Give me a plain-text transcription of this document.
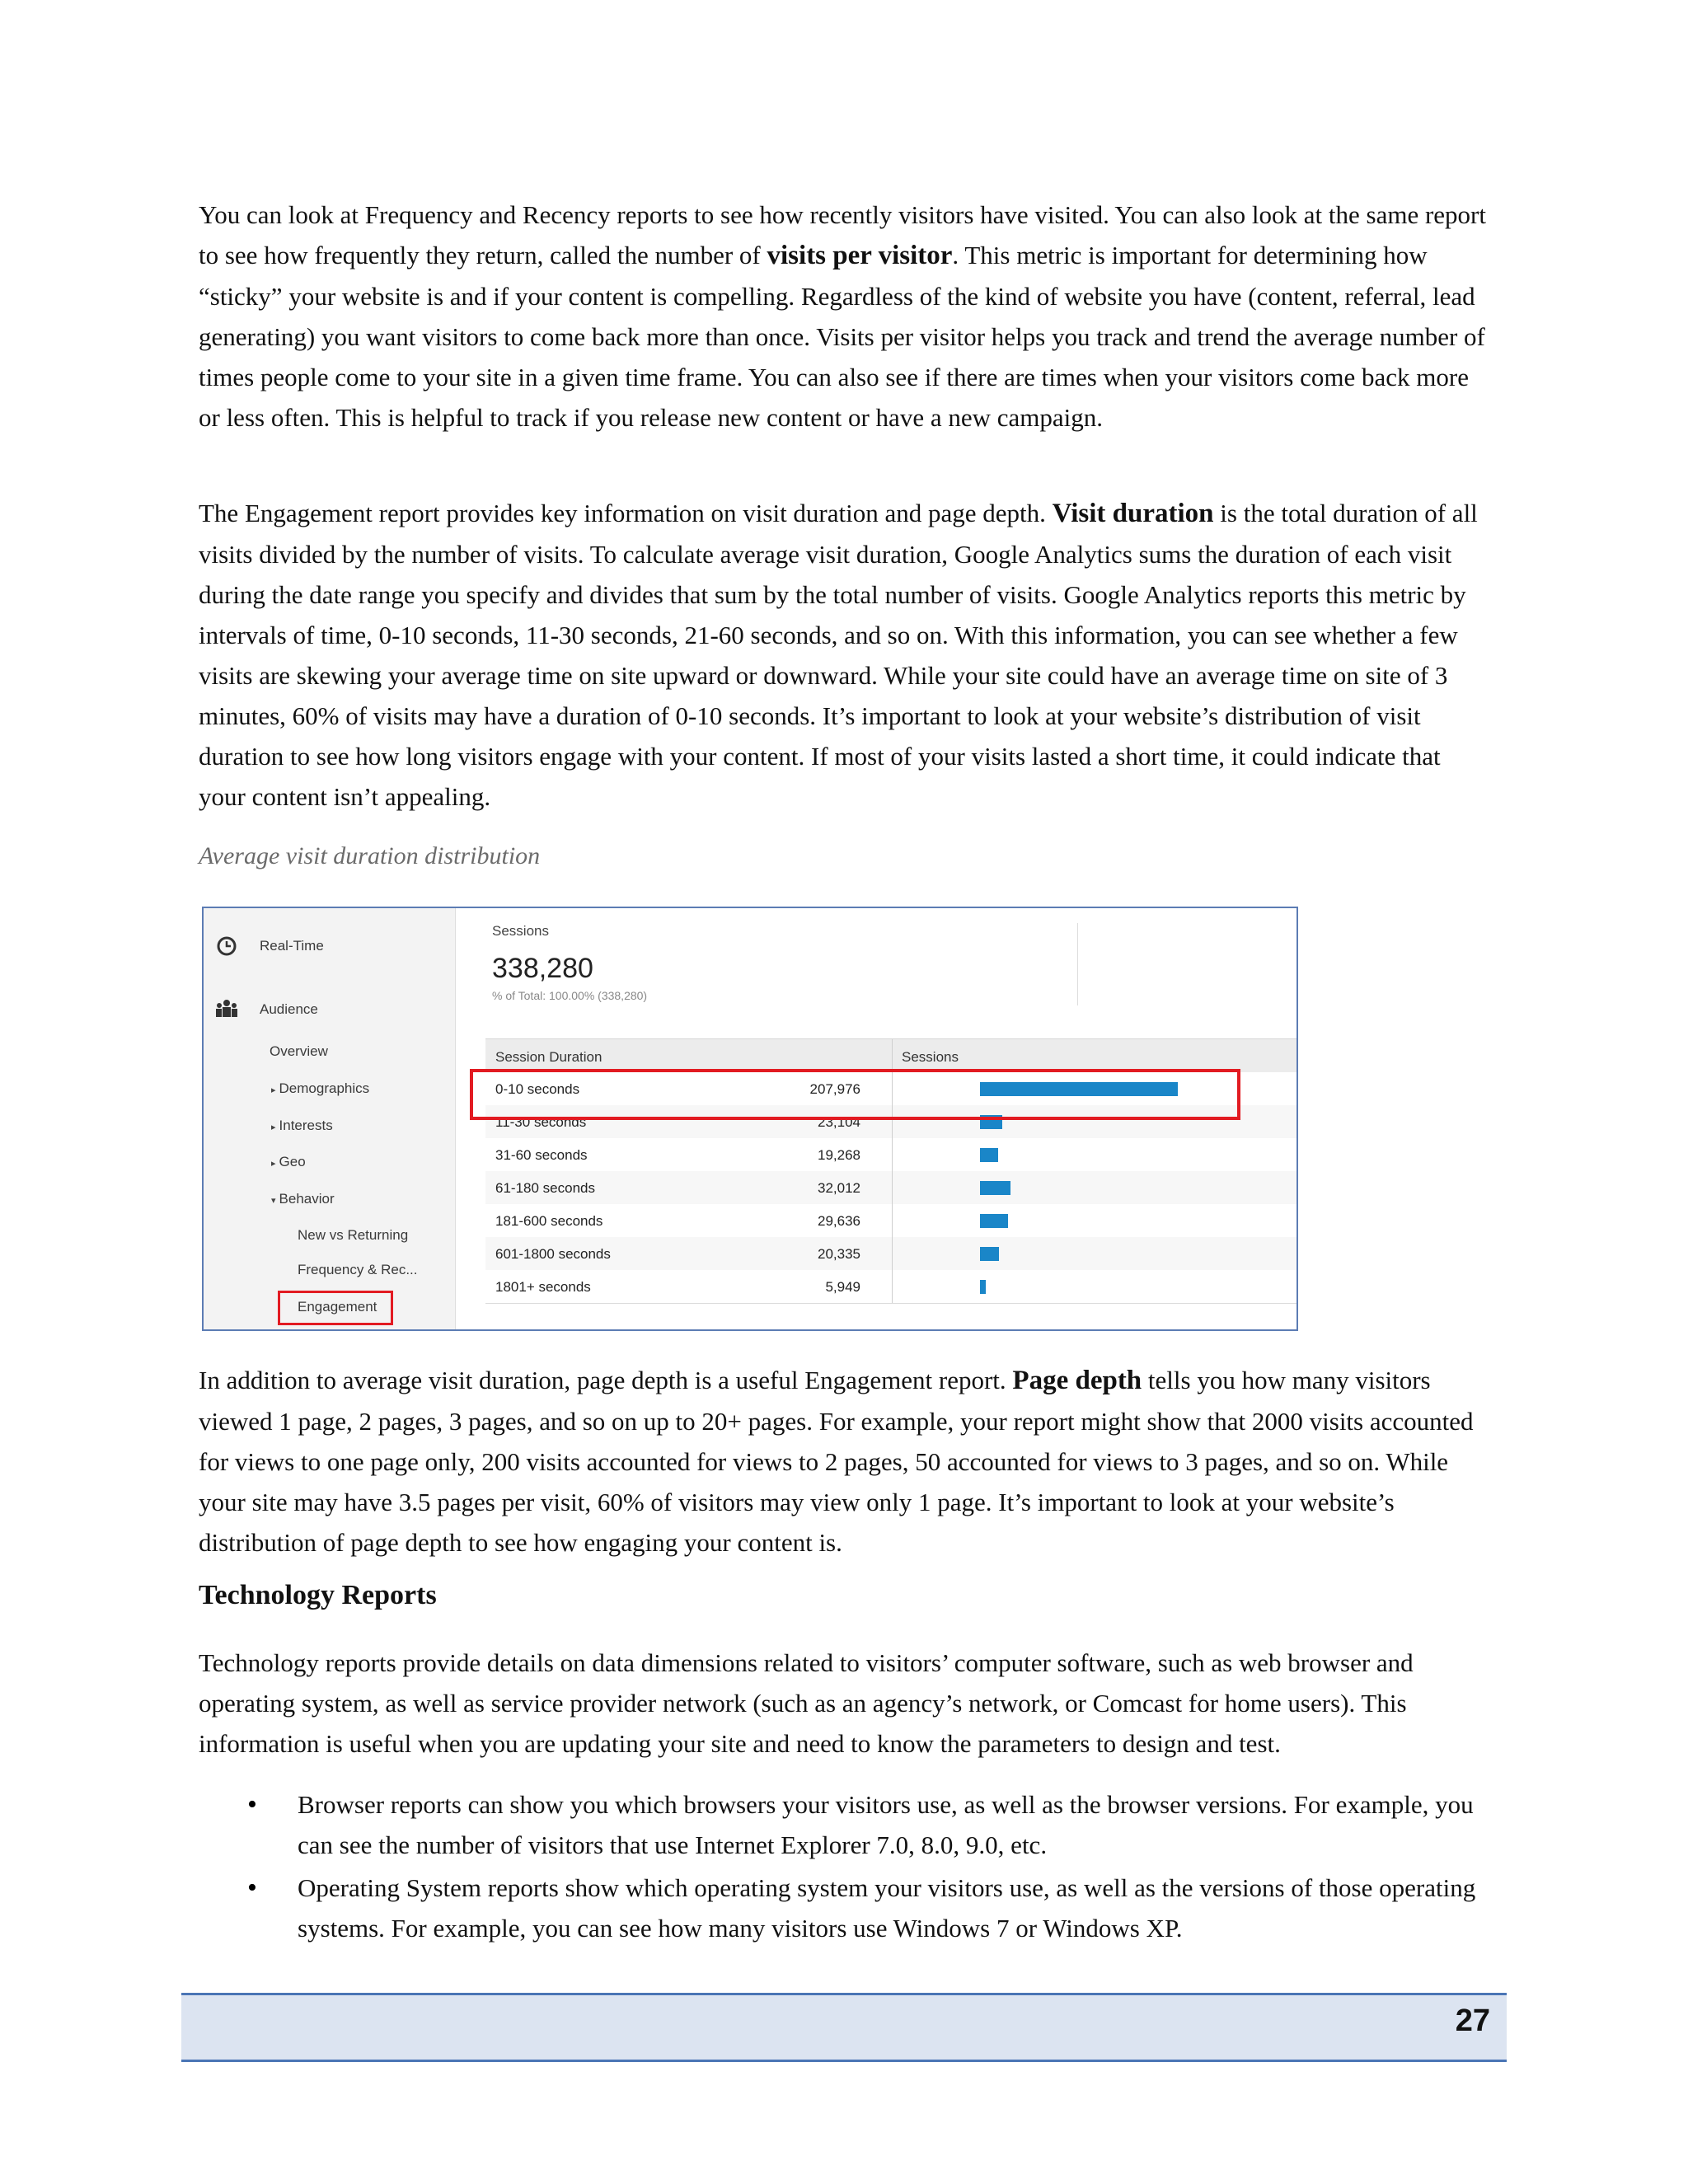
You can look at Frequency and Recency reports to see how recently visitors have visited. You can also look at the same report to see how frequently they return, called the number of visits per visitor. This metric is important for determining how “sticky” your website is and if your content is compelling. Regardless of the kind of website you have (content, referral, lead generating) you want visitors to come back more than once. Visits per visitor helps you track and trend the average number of times people come to your site in a given time frame. You can also see if there are times when your visitors come back more or less often. This is helpful to track if you release new content or have a new campaign.

The Engagement report provides key information on visit duration and page depth. Visit duration is the total duration of all visits divided by the number of visits. To calculate average visit duration, Google Analytics sums the duration of each visit during the date range you specify and divides that sum by the total number of visits. Google Analytics reports this metric by intervals of time, 0-10 seconds, 11-30 seconds, 21-60 seconds, and so on. With this information, you can see whether a few visits are skewing your average time on site upward or downward. While your site could have an average time on site of 3 minutes, 60% of visits may have a duration of 0-10 seconds. It’s important to look at your website’s distribution of visit duration to see how long visitors engage with your content. If most of your visits lasted a short time, it could indicate that your content isn’t appealing.

Average visit duration distribution

Real-Time
Audience
Overview
▸ Demographics
▸ Interests
▸ Geo
▾ Behavior
New vs Returning
Frequency & Rec...
Engagement
Sessions
338,280
% of Total: 100.00% (338,280)
Session Duration	Sessions
0-10 seconds	207,976
11-30 seconds	23,104
31-60 seconds	19,268
61-180 seconds	32,012
181-600 seconds	29,636
601-1800 seconds	20,335
1801+ seconds	5,949

In addition to average visit duration, page depth is a useful Engagement report. Page depth tells you how many visitors viewed 1 page, 2 pages, 3 pages, and so on up to 20+ pages. For example, your report might show that 2000 visits accounted for views to one page only, 200 visits accounted for views to 2 pages, 50 accounted for views to 3 pages, and so on. While your site may have 3.5 pages per visit, 60% of visitors may view only 1 page. It’s important to look at your website’s distribution of page depth to see how engaging your content is.

Technology Reports

Technology reports provide details on data dimensions related to visitors’ computer software, such as web browser and operating system, as well as service provider network (such as an agency’s network, or Comcast for home users). This information is useful when you are updating your site and need to know the parameters to design and test.

• Browser reports can show you which browsers your visitors use, as well as the browser versions. For example, you can see the number of visitors that use Internet Explorer 7.0, 8.0, 9.0, etc.
• Operating System reports show which operating system your visitors use, as well as the versions of those operating systems. For example, you can see how many visitors use Windows 7 or Windows XP.
27
